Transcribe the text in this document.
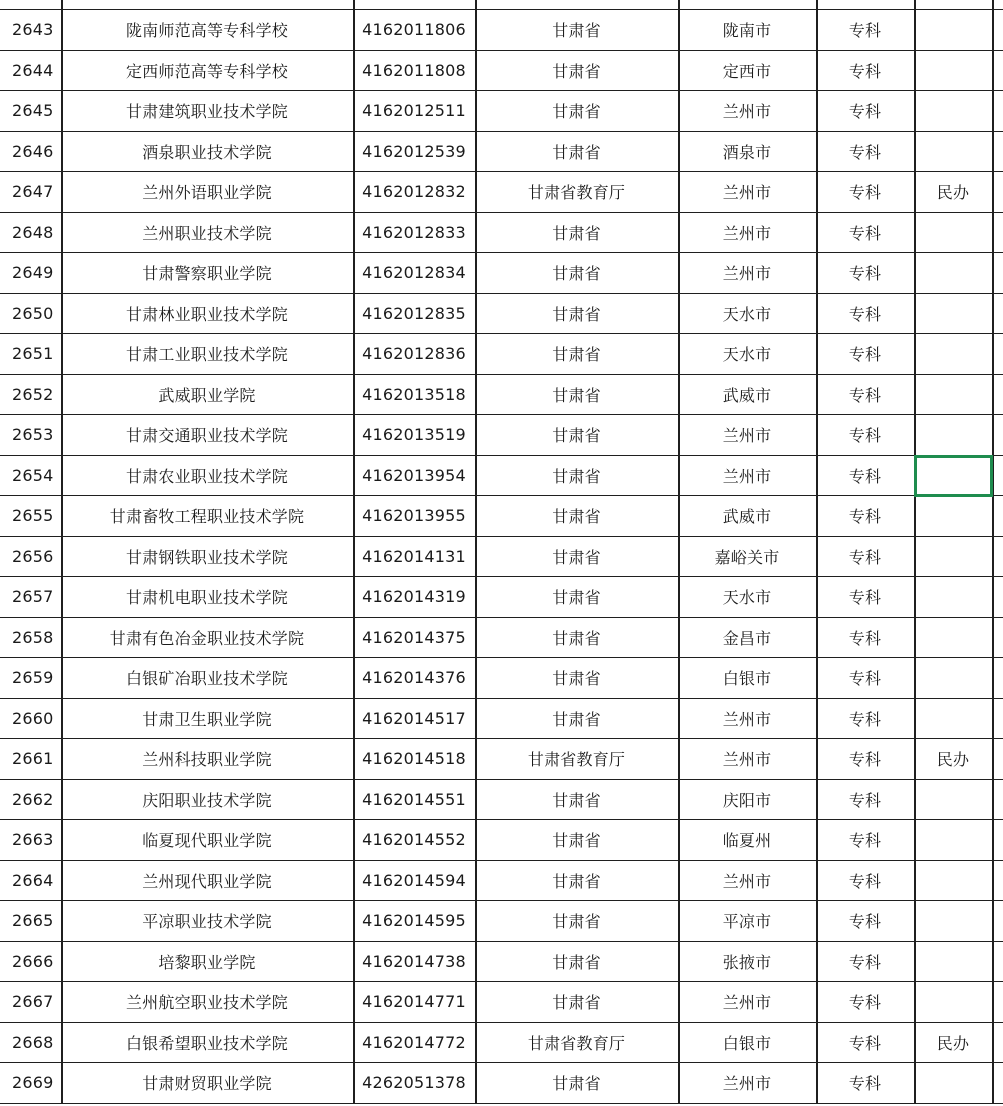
2643	陇南师范高等专科学校	4162011806	甘肃省	陇南市	专科
2644	定西师范高等专科学校	4162011808	甘肃省	定西市	专科
2645	甘肃建筑职业技术学院	4162012511	甘肃省	兰州市	专科
2646	酒泉职业技术学院	4162012539	甘肃省	酒泉市	专科
2647	兰州外语职业学院	4162012832	甘肃省教育厅	兰州市	专科	民办
2648	兰州职业技术学院	4162012833	甘肃省	兰州市	专科
2649	甘肃警察职业学院	4162012834	甘肃省	兰州市	专科
2650	甘肃林业职业技术学院	4162012835	甘肃省	天水市	专科
2651	甘肃工业职业技术学院	4162012836	甘肃省	天水市	专科
2652	武威职业学院	4162013518	甘肃省	武威市	专科
2653	甘肃交通职业技术学院	4162013519	甘肃省	兰州市	专科
2654	甘肃农业职业技术学院	4162013954	甘肃省	兰州市	专科
2655	甘肃畜牧工程职业技术学院	4162013955	甘肃省	武威市	专科
2656	甘肃钢铁职业技术学院	4162014131	甘肃省	嘉峪关市	专科
2657	甘肃机电职业技术学院	4162014319	甘肃省	天水市	专科
2658	甘肃有色冶金职业技术学院	4162014375	甘肃省	金昌市	专科
2659	白银矿冶职业技术学院	4162014376	甘肃省	白银市	专科
2660	甘肃卫生职业学院	4162014517	甘肃省	兰州市	专科
2661	兰州科技职业学院	4162014518	甘肃省教育厅	兰州市	专科	民办
2662	庆阳职业技术学院	4162014551	甘肃省	庆阳市	专科
2663	临夏现代职业学院	4162014552	甘肃省	临夏州	专科
2664	兰州现代职业学院	4162014594	甘肃省	兰州市	专科
2665	平凉职业技术学院	4162014595	甘肃省	平凉市	专科
2666	培黎职业学院	4162014738	甘肃省	张掖市	专科
2667	兰州航空职业技术学院	4162014771	甘肃省	兰州市	专科
2668	白银希望职业技术学院	4162014772	甘肃省教育厅	白银市	专科	民办
2669	甘肃财贸职业学院	4262051378	甘肃省	兰州市	专科
